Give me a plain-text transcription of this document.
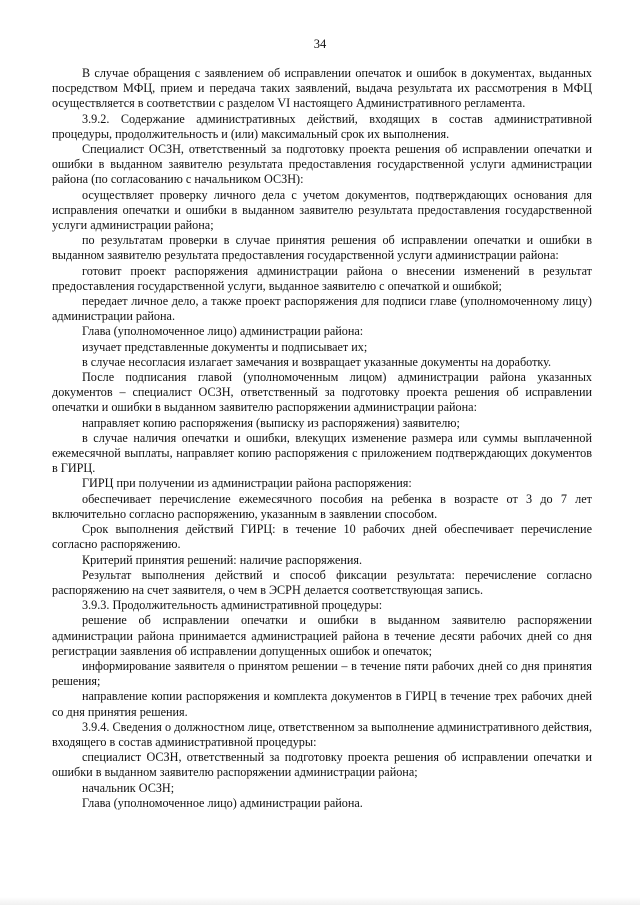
34

В случае обращения с заявлением об исправлении опечаток и ошибок в документах, выданных посредством МФЦ, прием и передача таких заявлений, выдача результата их рассмотрения в МФЦ осуществляется в соответствии с разделом VI настоящего Административного регламента.

3.9.2. Содержание административных действий, входящих в состав административной процедуры, продолжительность и (или) максимальный срок их выполнения.

Специалист ОСЗН, ответственный за подготовку проекта решения об исправлении опечатки и ошибки в выданном заявителю результата предоставления государственной услуги администрации района (по согласованию с начальником ОСЗН):

осуществляет проверку личного дела с учетом документов, подтверждающих основания для исправления опечатки и ошибки в выданном заявителю результата предоставления государственной услуги администрации района;

по результатам проверки в случае принятия решения об исправлении опечатки и ошибки в выданном заявителю результата предоставления государственной услуги администрации района:

готовит проект распоряжения администрации района о внесении изменений в результат предоставления государственной услуги, выданное заявителю с опечаткой и ошибкой;

передает личное дело, а также проект распоряжения для подписи главе (уполномоченному лицу) администрации района.

Глава (уполномоченное лицо) администрации района:

изучает представленные документы и подписывает их;

в случае несогласия излагает замечания и возвращает указанные документы на доработку.

После подписания главой (уполномоченным лицом) администрации района указанных документов – специалист ОСЗН, ответственный за подготовку проекта решения об исправлении опечатки и ошибки в выданном заявителю распоряжении администрации района:

направляет копию распоряжения (выписку из распоряжения) заявителю;

в случае наличия опечатки и ошибки, влекущих изменение размера или суммы выплаченной ежемесячной выплаты, направляет копию распоряжения с приложением подтверждающих документов в ГИРЦ.

ГИРЦ при получении из администрации района распоряжения:

обеспечивает перечисление ежемесячного пособия на ребенка в возрасте от 3 до 7 лет включительно согласно распоряжению, указанным в заявлении способом.

Срок выполнения действий ГИРЦ: в течение 10 рабочих дней обеспечивает перечисление согласно распоряжению.

Критерий принятия решений: наличие распоряжения.

Результат выполнения действий и способ фиксации результата: перечисление согласно распоряжению на счет заявителя, о чем в ЭСРН делается соответствующая запись.

3.9.3. Продолжительность административной процедуры:

решение об исправлении опечатки и ошибки в выданном заявителю распоряжении администрации района принимается администрацией района в течение десяти рабочих дней со дня регистрации заявления об исправлении допущенных ошибок и опечаток;

информирование заявителя о принятом решении – в течение пяти рабочих дней со дня принятия решения;

направление копии распоряжения и комплекта документов в ГИРЦ в течение трех рабочих дней со дня принятия решения.

3.9.4. Сведения о должностном лице, ответственном за выполнение административного действия, входящего в состав административной процедуры:

специалист ОСЗН, ответственный за подготовку проекта решения об исправлении опечатки и ошибки в выданном заявителю распоряжении администрации района;

начальник ОСЗН;

Глава (уполномоченное лицо) администрации района.
